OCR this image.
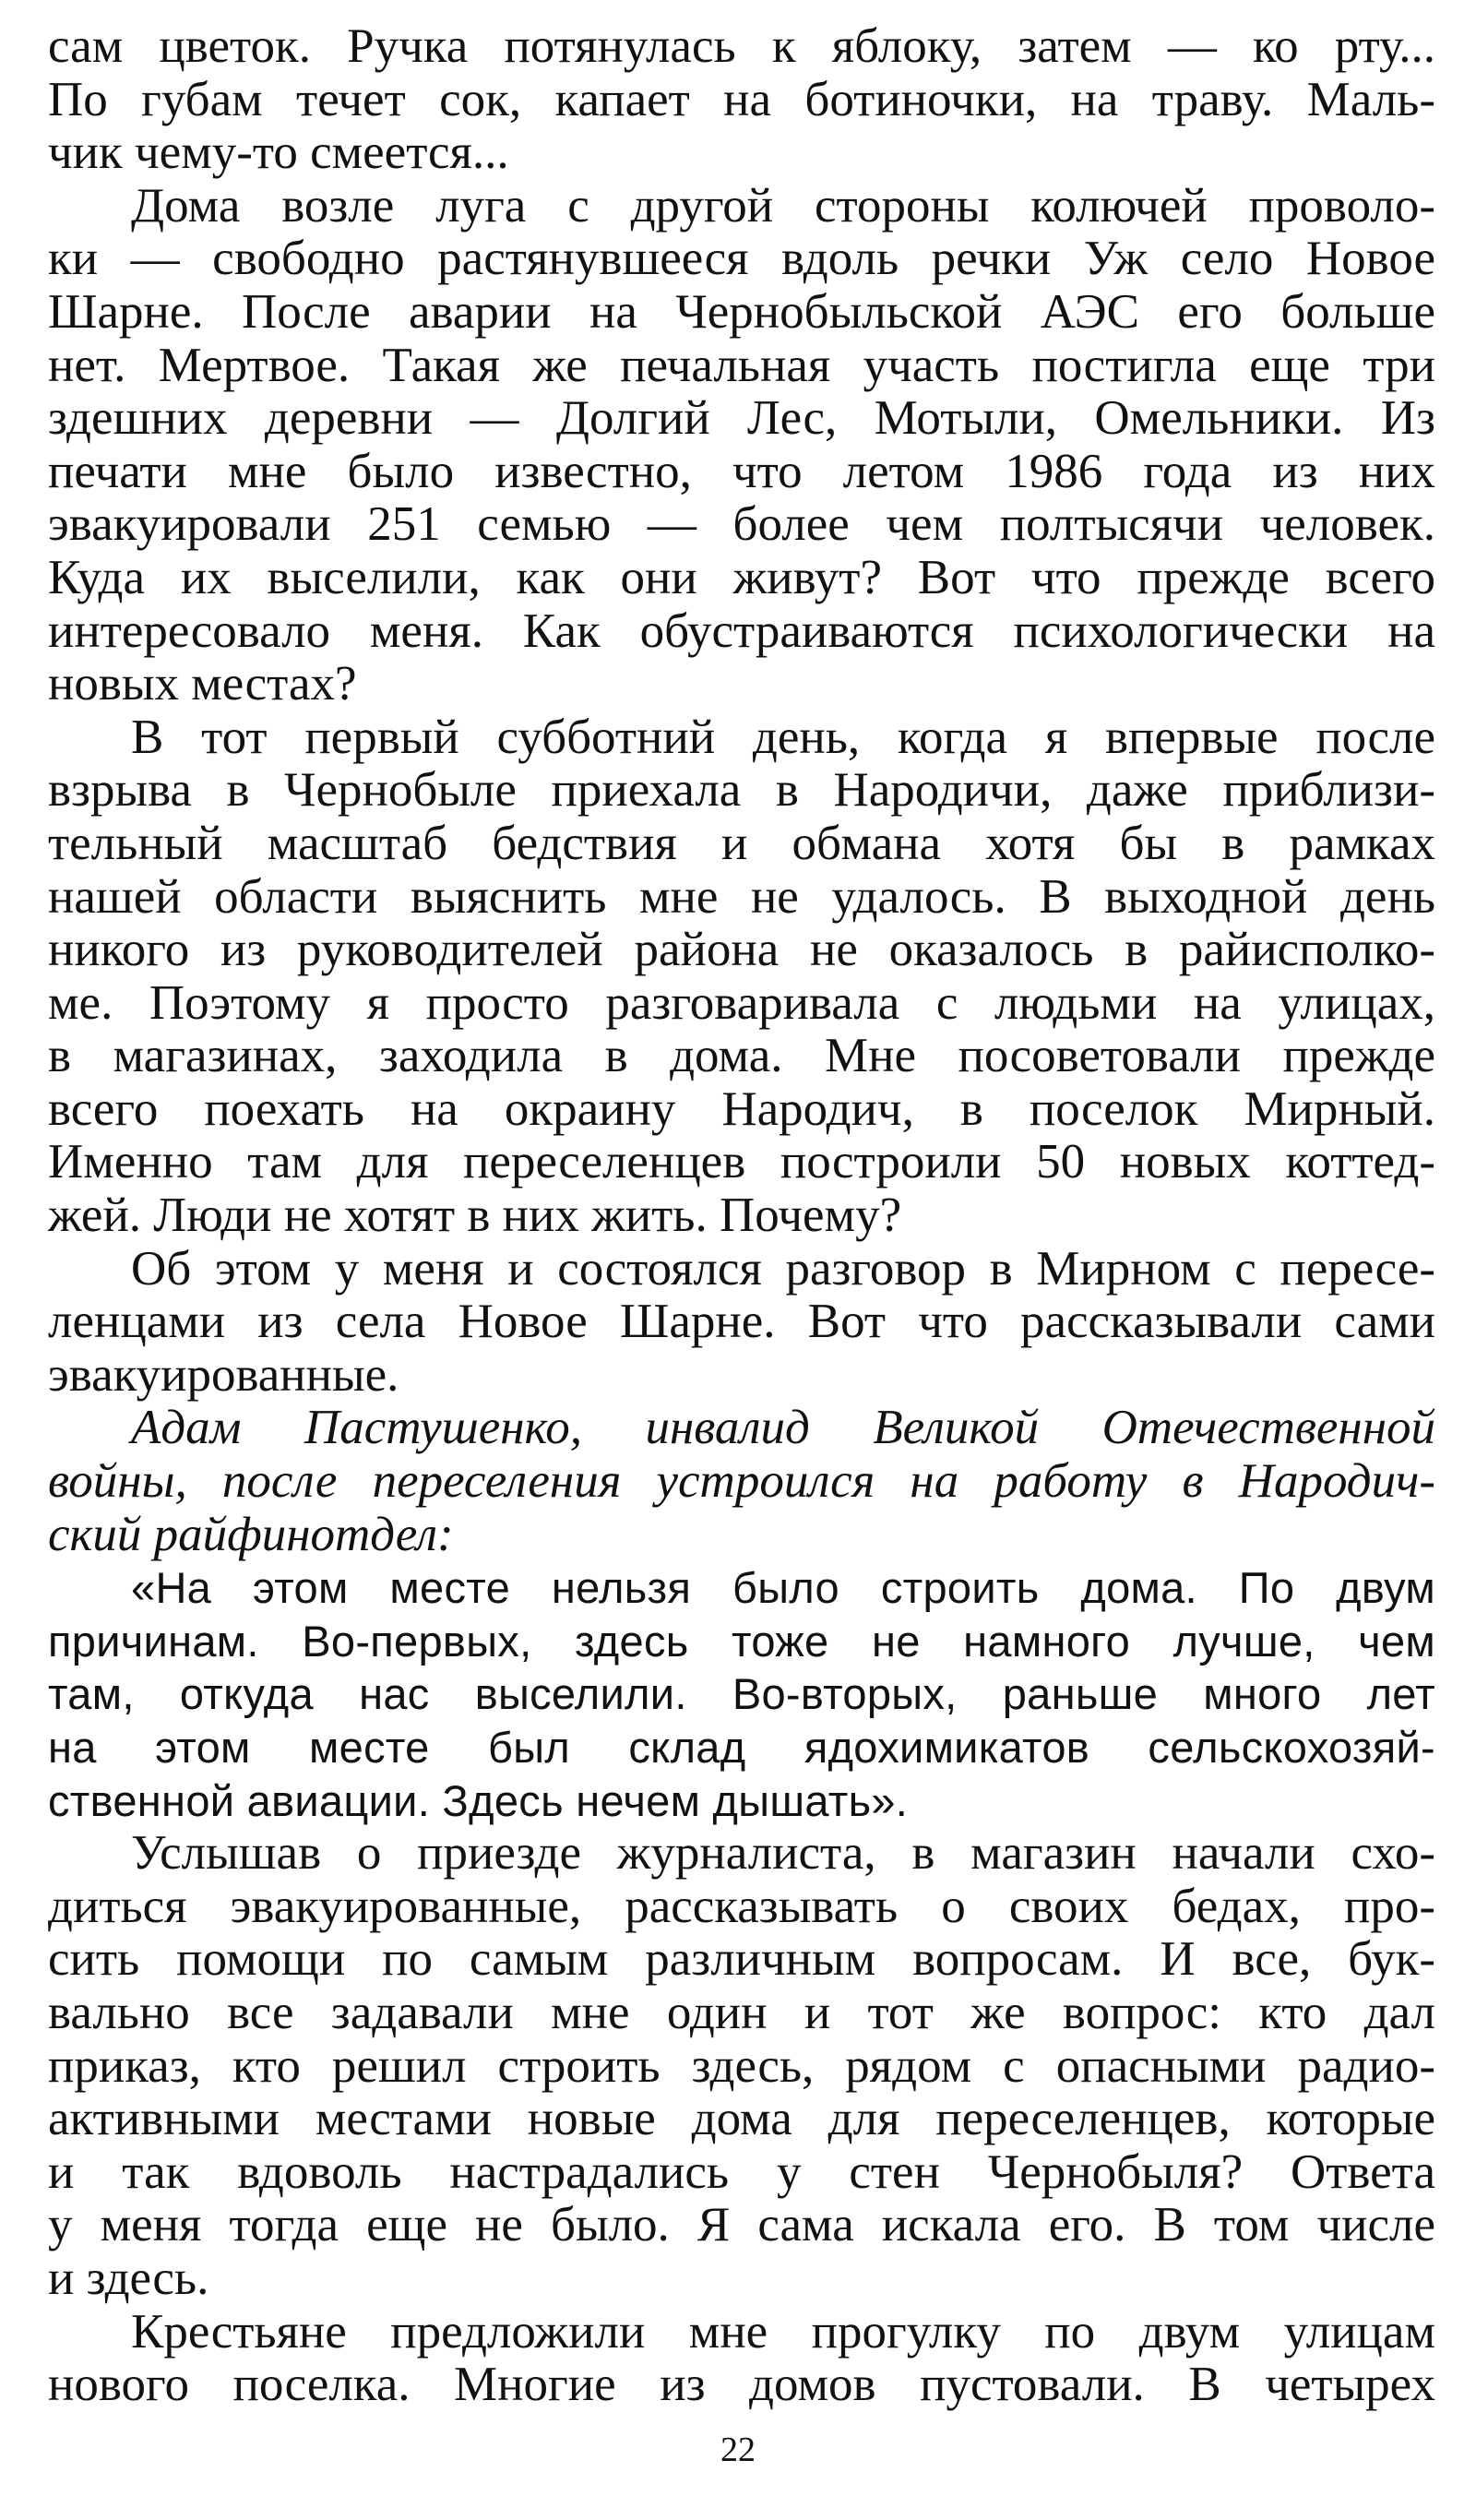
сам цветок. Ручка потянулась к яблоку, затем — ко рту...
По губам течет сок, капает на ботиночки, на траву. Маль-
чик чему-то смеется...

Дома возле луга с другой стороны колючей проволо-
ки — свободно растянувшееся вдоль речки Уж село Новое
Шарне. После аварии на Чернобыльской АЭС его больше
нет. Мертвое. Такая же печальная участь постигла еще три
здешних деревни — Долгий Лес, Мотыли, Омельники. Из
печати мне было известно, что летом 1986 года из них
эвакуировали 251 семью — более чем полтысячи человек.
Куда их выселили, как они живут? Вот что прежде всего
интересовало меня. Как обустраиваются психологически на
новых местах?

В тот первый субботний день, когда я впервые после
взрыва в Чернобыле приехала в Народичи, даже приблизи-
тельный масштаб бедствия и обмана хотя бы в рамках
нашей области выяснить мне не удалось. В выходной день
никого из руководителей района не оказалось в райисполко-
ме. Поэтому я просто разговаривала с людьми на улицах,
в магазинах, заходила в дома. Мне посоветовали прежде
всего поехать на окраину Народич, в поселок Мирный.
Именно там для переселенцев построили 50 новых коттед-
жей. Люди не хотят в них жить. Почему?

Об этом у меня и состоялся разговор в Мирном с пересе-
ленцами из села Новое Шарне. Вот что рассказывали сами
эвакуированные.

Адам Пастушенко, инвалид Великой Отечественной
войны, после переселения устроился на работу в Народич-
ский райфинотдел:

«На этом месте нельзя было строить дома. По двум
причинам. Во-первых, здесь тоже не намного лучше, чем
там, откуда нас выселили. Во-вторых, раньше много лет
на этом месте был склад ядохимикатов сельскохозяй-
ственной авиации. Здесь нечем дышать».

Услышав о приезде журналиста, в магазин начали схо-
диться эвакуированные, рассказывать о своих бедах, про-
сить помощи по самым различным вопросам. И все, бук-
вально все задавали мне один и тот же вопрос: кто дал
приказ, кто решил строить здесь, рядом с опасными радио-
активными местами новые дома для переселенцев, которые
и так вдоволь настрадались у стен Чернобыля? Ответа
у меня тогда еще не было. Я сама искала его. В том числе
и здесь.

Крестьяне предложили мне прогулку по двум улицам
нового поселка. Многие из домов пустовали. В четырех

22
